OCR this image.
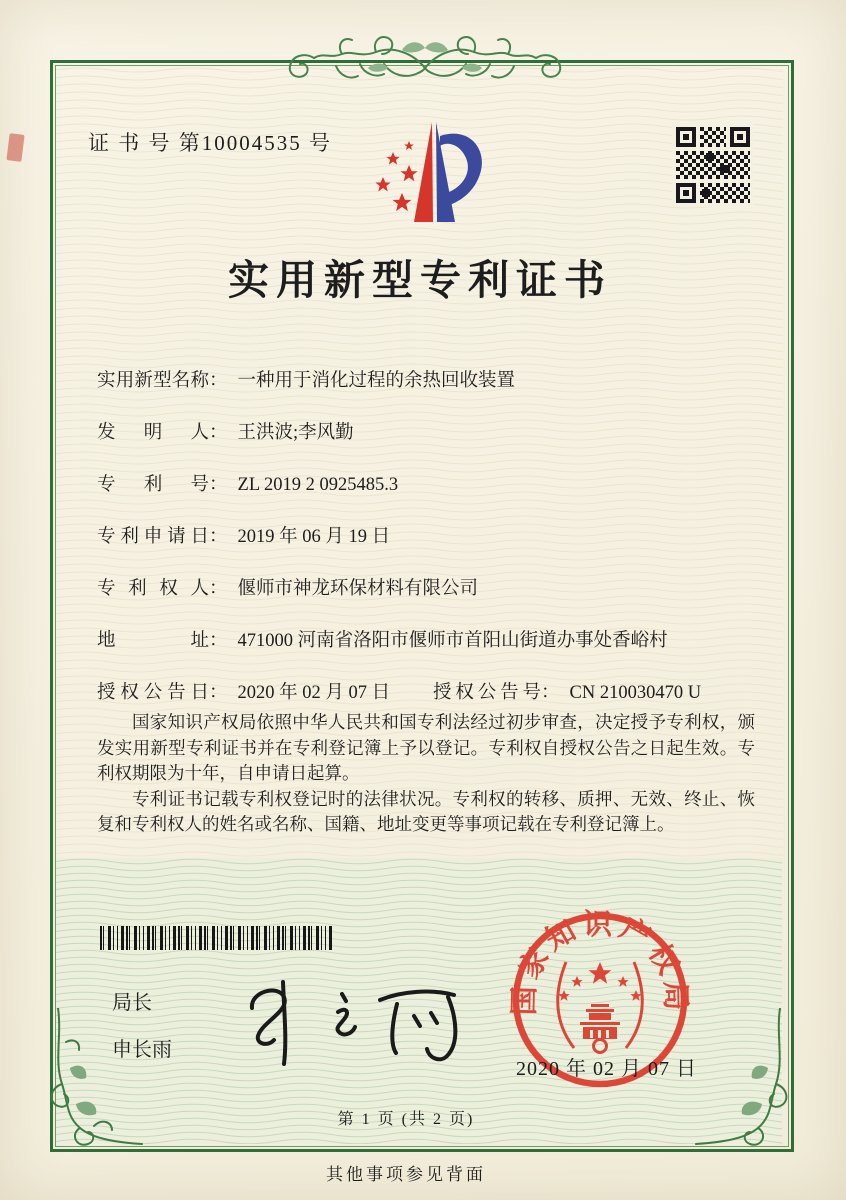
证 书 号 第10004535 号
实用新型专利证书
实用新型名称 ： 一种用于消化过程的余热回收装置
发明人 ： 王洪波;李风勤
专利号 ： ZL 2019 2 0925485.3
专利申请日 ： 2019 年 06 月 19 日
专利权人 ： 偃师市神龙环保材料有限公司
地址 ： 471000 河南省洛阳市偃师市首阳山街道办事处香峪村
授权公告日 ： 2020 年 02 月 07 日 授权公告号 ： CN 210030470 U

国家知识产权局依照中华人民共和国专利法经过初步审查，决定授予专利权，颁发实用新型专利证书并在专利登记簿上予以登记。专利权自授权公告之日起生效。专利权期限为十年，自申请日起算。

专利证书记载专利权登记时的法律状况。专利权的转移、质押、无效、终止、恢复和专利权人的姓名或名称、国籍、地址变更等事项记载在专利登记簿上。

局长
申长雨
国家知识产权局
2020 年 02 月 07 日
第 1 页 (共 2 页)
其他事项参见背面
